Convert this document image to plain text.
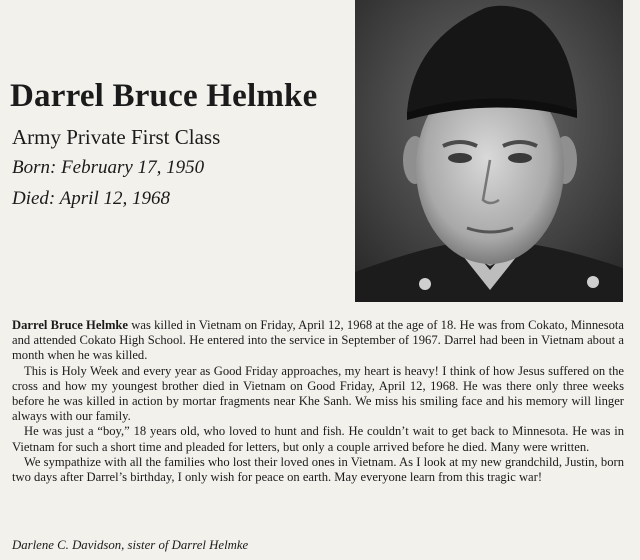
Darrel Bruce Helmke
Army Private First Class
Born: February 17, 1950
Died: April 12, 1968

Darrel Bruce Helmke was killed in Vietnam on Friday, April 12, 1968 at the age of 18. He was from Cokato, Minnesota and attended Cokato High School. He entered into the service in September of 1967. Darrel had been in Vietnam about a month when he was killed.

This is Holy Week and every year as Good Friday approaches, my heart is heavy! I think of how Jesus suffered on the cross and how my youngest brother died in Vietnam on Good Friday, April 12, 1968. He was there only three weeks before he was killed in action by mortar fragments near Khe Sanh. We miss his smiling face and his memory will linger always with our family.

He was just a “boy,” 18 years old, who loved to hunt and fish. He couldn’t wait to get back to Minnesota. He was in Vietnam for such a short time and pleaded for letters, but only a couple arrived before he died. Many were written.

We sympathize with all the families who lost their loved ones in Vietnam. As I look at my new grandchild, Justin, born two days after Darrel’s birthday, I only wish for peace on earth. May everyone learn from this tragic war!

Darlene C. Davidson, sister of Darrel Helmke
